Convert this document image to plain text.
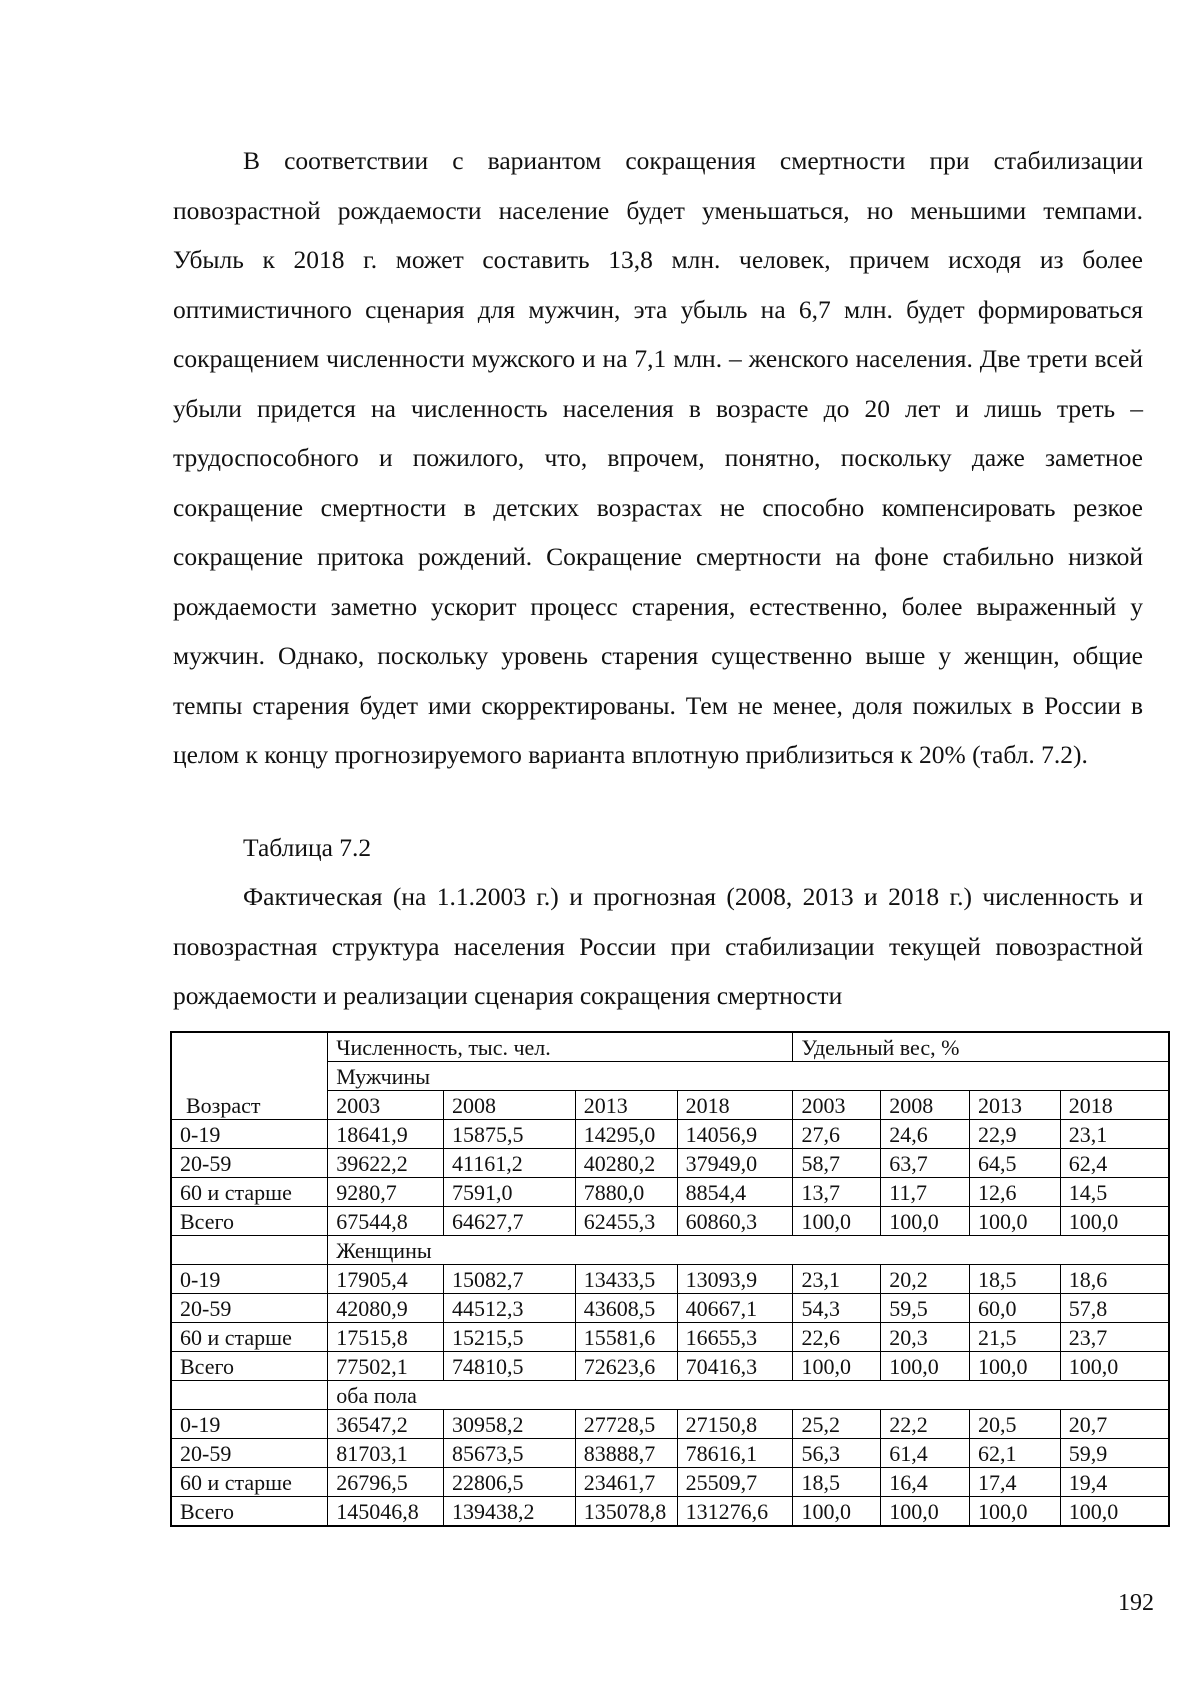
В соответствии с вариантом сокращения смертности при стабилизации повозрастной рождаемости население будет уменьшаться, но меньшими темпами. Убыль к 2018 г. может составить 13,8 млн. человек, причем исходя из более оптимистичного сценария для мужчин, эта убыль на 6,7 млн. будет формироваться сокращением численности мужского и на 7,1 млн. – женского населения. Две трети всей убыли придется на численность населения в возрасте до 20 лет и лишь треть – трудоспособного и пожилого, что, впрочем, понятно, поскольку даже заметное сокращение смертности в детских возрастах не способно компенсировать резкое сокращение притока рождений. Сокращение смертности на фоне стабильно низкой рождаемости заметно ускорит процесс старения, естественно, более выраженный у мужчин. Однако, поскольку уровень старения существенно выше у женщин, общие темпы старения будет ими скорректированы. Тем не менее, доля пожилых в России в целом к концу прогнозируемого варианта вплотную приблизиться к 20% (табл. 7.2).

Таблица 7.2

Фактическая (на 1.1.2003 г.) и прогнозная (2008, 2013 и 2018 г.) численность и повозрастная структура населения России при стабилизации текущей повозрастной рождаемости и реализации сценария сокращения смертности

Возраст	Численность, тыс. чел.				Удельный вес, %			
	Мужчины							
	2003	2008	2013	2018	2003	2008	2013	2018
0-19	18641,9	15875,5	14295,0	14056,9	27,6	24,6	22,9	23,1
20-59	39622,2	41161,2	40280,2	37949,0	58,7	63,7	64,5	62,4
60 и старше	9280,7	7591,0	7880,0	8854,4	13,7	11,7	12,6	14,5
Всего	67544,8	64627,7	62455,3	60860,3	100,0	100,0	100,0	100,0
	Женщины							
0-19	17905,4	15082,7	13433,5	13093,9	23,1	20,2	18,5	18,6
20-59	42080,9	44512,3	43608,5	40667,1	54,3	59,5	60,0	57,8
60 и старше	17515,8	15215,5	15581,6	16655,3	22,6	20,3	21,5	23,7
Всего	77502,1	74810,5	72623,6	70416,3	100,0	100,0	100,0	100,0
	оба пола							
0-19	36547,2	30958,2	27728,5	27150,8	25,2	22,2	20,5	20,7
20-59	81703,1	85673,5	83888,7	78616,1	56,3	61,4	62,1	59,9
60 и старше	26796,5	22806,5	23461,7	25509,7	18,5	16,4	17,4	19,4
Всего	145046,8	139438,2	135078,8	131276,6	100,0	100,0	100,0	100,0
192
